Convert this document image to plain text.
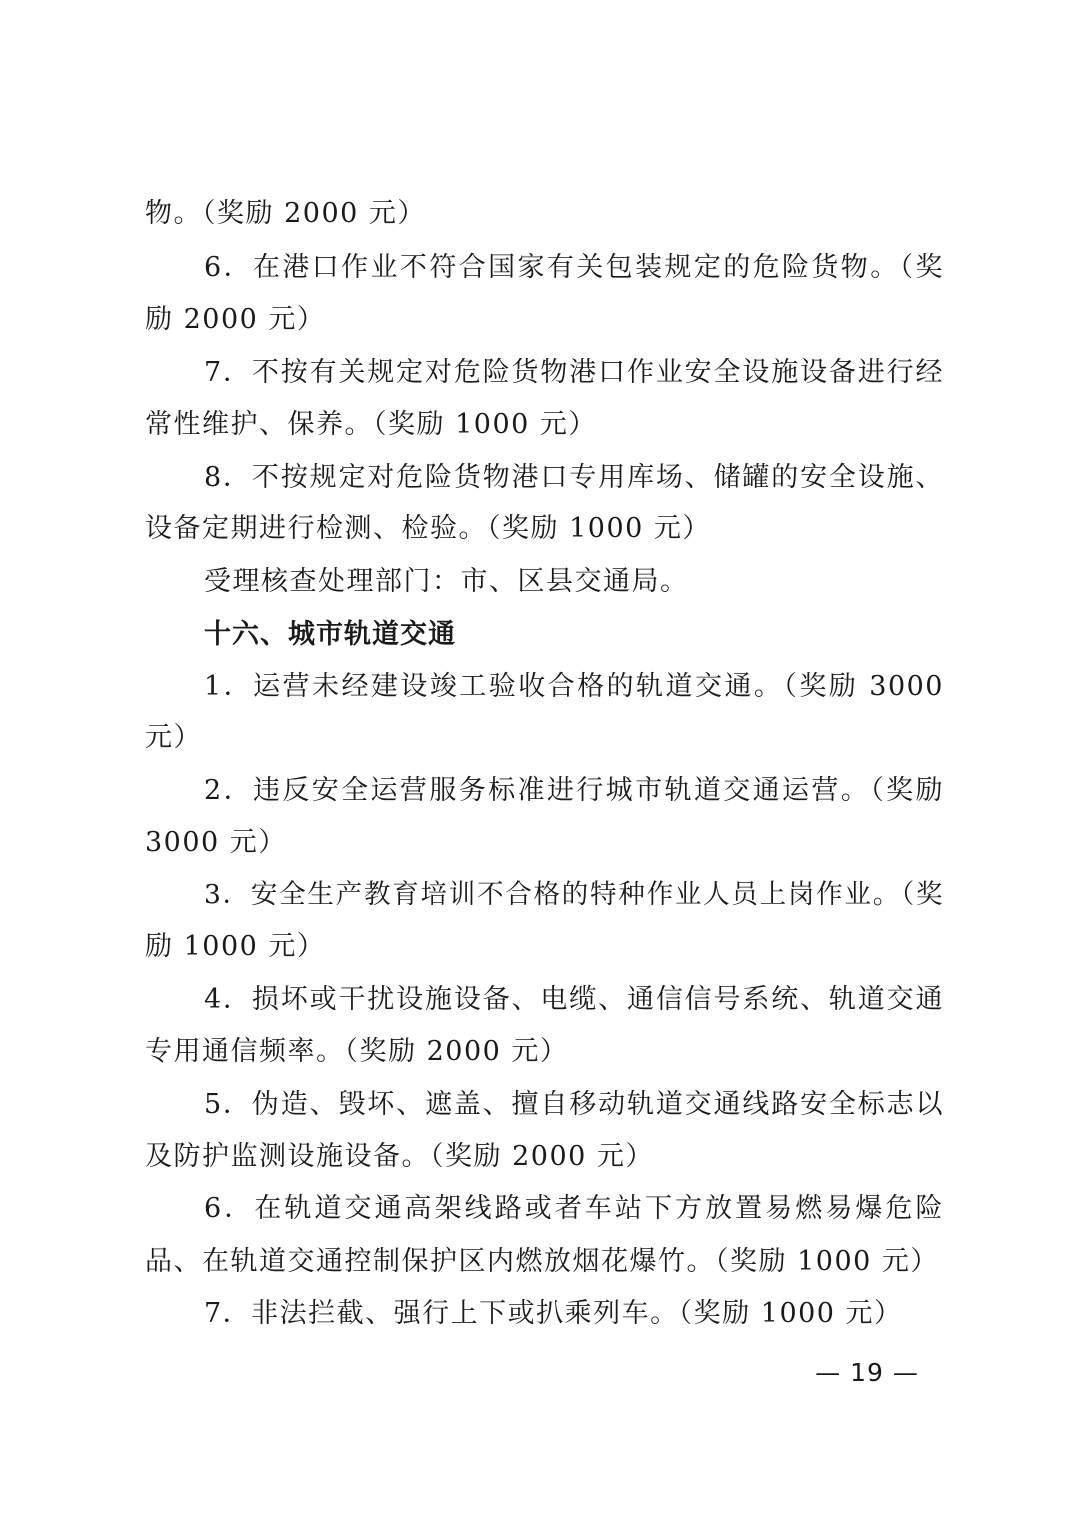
物。（奖励 2000 元）
6．在港口作业不符合国家有关包装规定的危险货物。（奖
励 2000 元）
7．不按有关规定对危险货物港口作业安全设施设备进行经
常性维护、保养。（奖励 1000 元）
8．不按规定对危险货物港口专用库场、储罐的安全设施、
设备定期进行检测、检验。（奖励 1000 元）
受理核查处理部门：市、区县交通局。
十六、城市轨道交通
1．运营未经建设竣工验收合格的轨道交通。（奖励 3000
元）
2．违反安全运营服务标准进行城市轨道交通运营。（奖励
3000 元）
3．安全生产教育培训不合格的特种作业人员上岗作业。（奖
励 1000 元）
4．损坏或干扰设施设备、电缆、通信信号系统、轨道交通
专用通信频率。（奖励 2000 元）
5．伪造、毁坏、遮盖、擅自移动轨道交通线路安全标志以
及防护监测设施设备。（奖励 2000 元）
6．在轨道交通高架线路或者车站下方放置易燃易爆危险
品、在轨道交通控制保护区内燃放烟花爆竹。（奖励 1000 元）
7．非法拦截、强行上下或扒乘列车。（奖励 1000 元）
— 19 —
